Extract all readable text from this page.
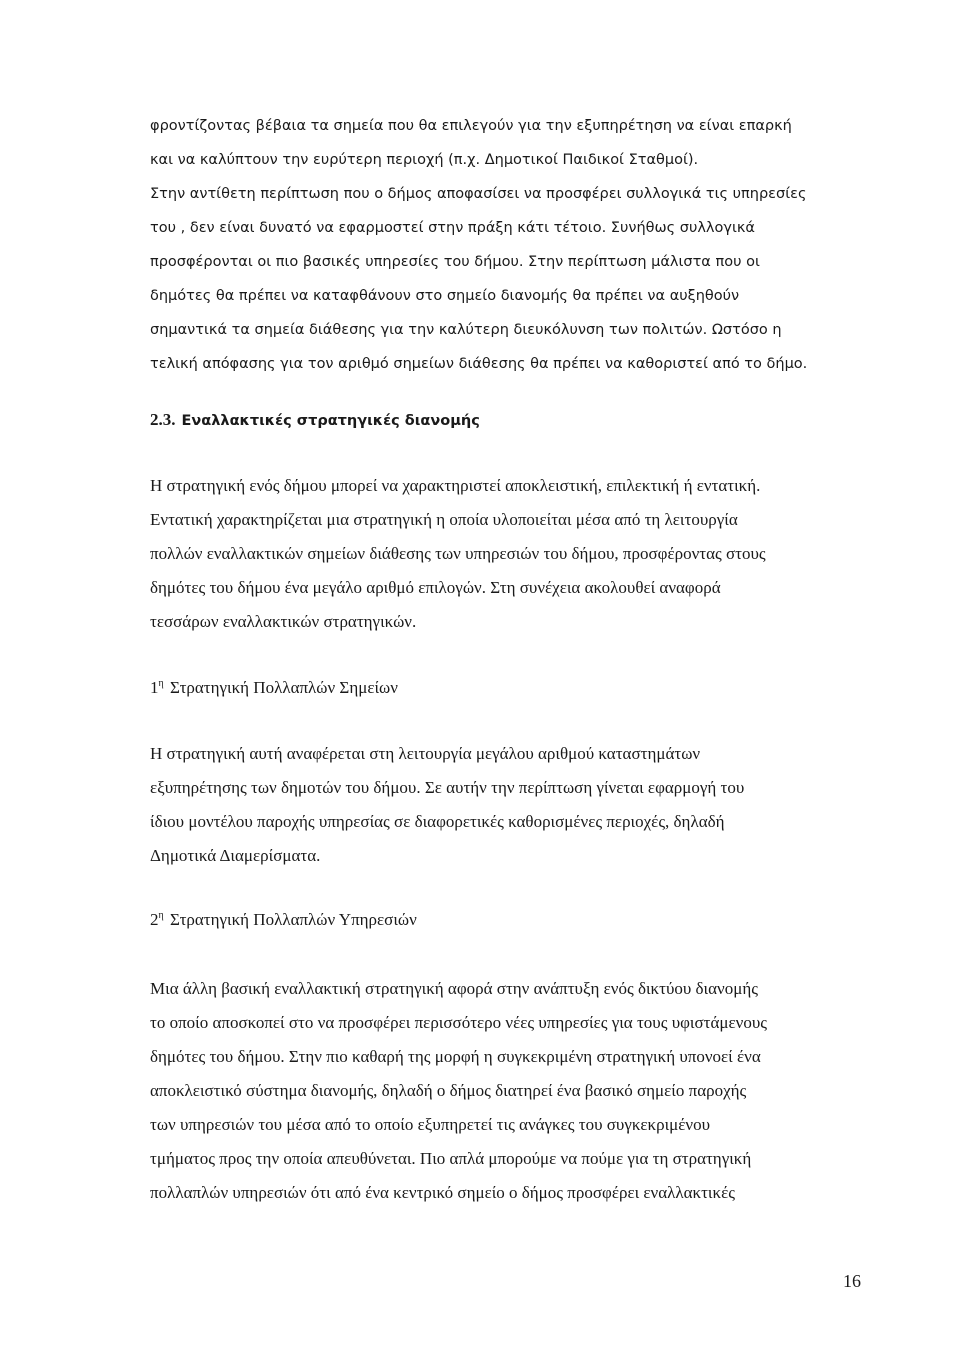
φροντίζοντας βέβαια τα σημεία που θα επιλεγούν για την εξυπηρέτηση να είναι επαρκή
και να καλύπτουν την ευρύτερη περιοχή (π.χ. Δημοτικοί Παιδικοί Σταθμοί).
Στην αντίθετη περίπτωση που ο δήμος αποφασίσει να προσφέρει συλλογικά τις υπηρεσίες
του , δεν είναι δυνατό να εφαρμοστεί στην πράξη κάτι τέτοιο. Συνήθως συλλογικά
προσφέρονται οι πιο βασικές υπηρεσίες του δήμου. Στην περίπτωση μάλιστα που οι
δημότες θα πρέπει να καταφθάνουν στο σημείο διανομής θα πρέπει να αυξηθούν
σημαντικά τα σημεία διάθεσης για την καλύτερη διευκόλυνση των πολιτών. Ωστόσο η
τελική απόφασης για τον αριθμό σημείων διάθεσης θα πρέπει να καθοριστεί από το δήμο.
2.3. Εναλλακτικές στρατηγικές διανομής
Η στρατηγική ενός δήμου μπορεί να χαρακτηριστεί αποκλειστική, επιλεκτική ή εντατική.
Εντατική χαρακτηρίζεται μια στρατηγική η οποία υλοποιείται μέσα από τη λειτουργία
πολλών εναλλακτικών σημείων διάθεσης των υπηρεσιών του δήμου, προσφέροντας στους
δημότες του δήμου ένα μεγάλο αριθμό επιλογών. Στη συνέχεια ακολουθεί αναφορά
τεσσάρων εναλλακτικών στρατηγικών.
$1^\eta$ Στρατηγική Πολλαπλών Σημείων
Η στρατηγική αυτή αναφέρεται στη λειτουργία μεγάλου αριθμού καταστημάτων
εξυπηρέτησης των δημοτών του δήμου. Σε αυτήν την περίπτωση γίνεται εφαρμογή του
ίδιου μοντέλου παροχής υπηρεσίας σε διαφορετικές καθορισμένες περιοχές, δηλαδή
Δημοτικά Διαμερίσματα.
$2^\eta$ Στρατηγική Πολλαπλών Υπηρεσιών
Μια άλλη βασική εναλλακτική στρατηγική αφορά στην ανάπτυξη ενός δικτύου διανομής
το οποίο αποσκοπεί στο να προσφέρει περισσότερο νέες υπηρεσίες για τους υφιστάμενους
δημότες του δήμου. Στην πιο καθαρή της μορφή η συγκεκριμένη στρατηγική υπονοεί ένα
αποκλειστικό σύστημα διανομής, δηλαδή ο δήμος διατηρεί ένα βασικό σημείο παροχής
των υπηρεσιών του μέσα από το οποίο εξυπηρετεί τις ανάγκες του συγκεκριμένου
τμήματος προς την οποία απευθύνεται. Πιο απλά μπορούμε να πούμε για τη στρατηγική
πολλαπλών υπηρεσιών ότι από ένα κεντρικό σημείο ο δήμος προσφέρει εναλλακτικές
16
